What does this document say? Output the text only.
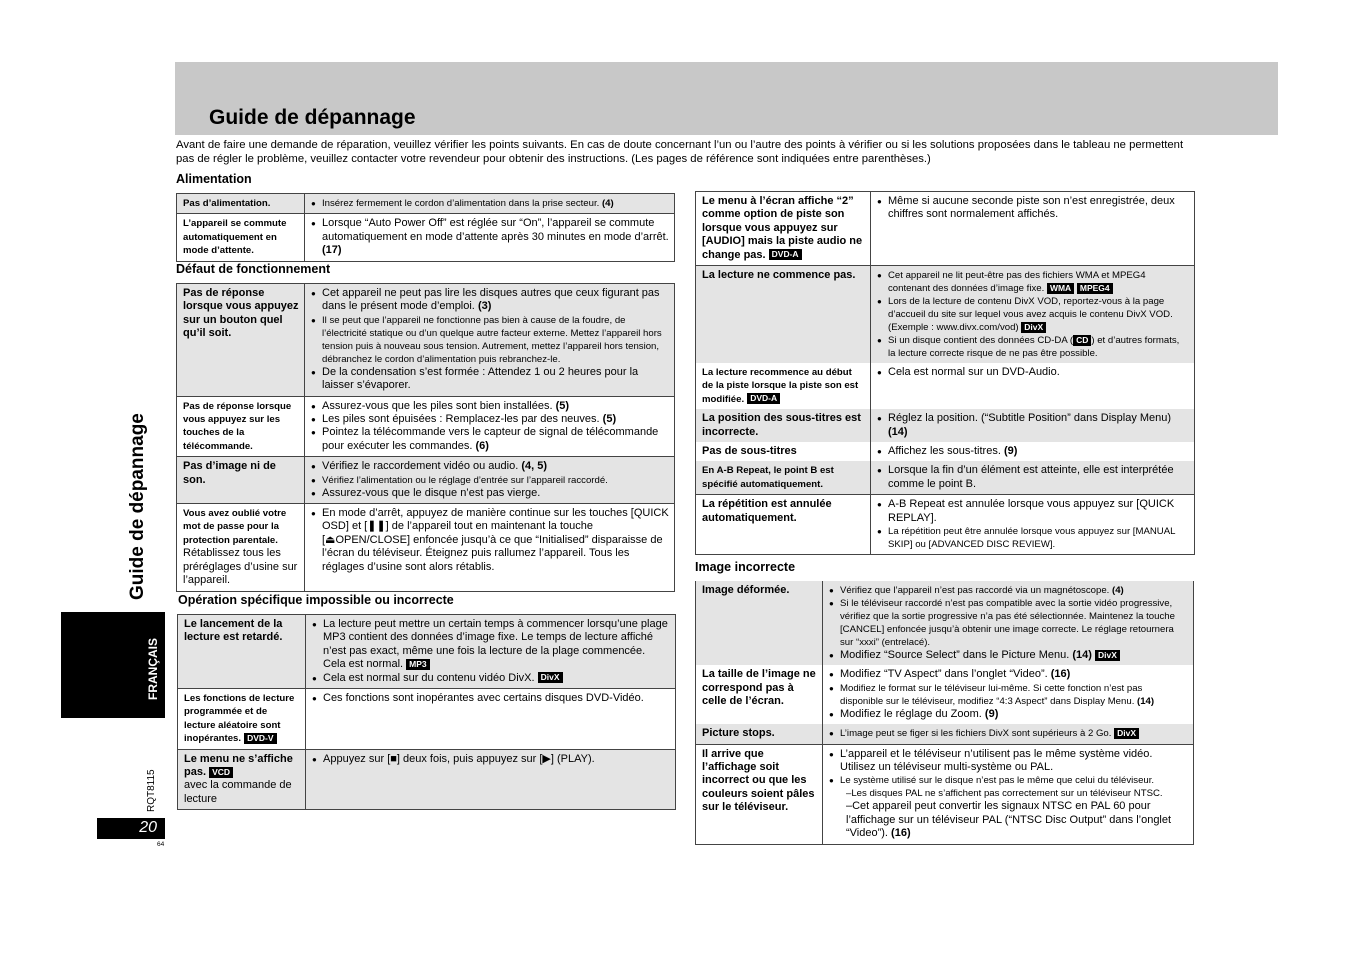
Guide de dépannage
Avant de faire une demande de réparation, veuillez vérifier les points suivants. En cas de doute concernant l’un ou l’autre des points à vérifier ou si les solutions proposées dans le tableau ne permettent pas de régler le problème, veuillez contacter votre revendeur pour obtenir des instructions. (Les pages de référence sont indiquées entre parenthèses.)
Alimentation
Pas d’alimentation.	● Insérez fermement le cordon d’alimentation dans la prise secteur. (4)

L’appareil se commute automatiquement en mode d’attente.	● Lorsque “Auto Power Off” est réglée sur “On”, l’appareil se commute automatiquement en mode d’attente après 30 minutes en mode d’arrêt. (17)

Défaut de fonctionnement
Pas de réponse lorsque vous appuyez sur un bouton quel qu’il soit.	● Cet appareil ne peut pas lire les disques autres que ceux figurant pas dans le présent mode d’emploi. (3)

● Il se peut que l’appareil ne fonctionne pas bien à cause de la foudre, de l’électricité statique ou d’un quelque autre facteur externe. Mettez l’appareil hors tension puis à nouveau sous tension. Autrement, mettez l’appareil hors tension, débranchez le cordon d’alimentation puis rebranchez-le.

● De la condensation s’est formée : Attendez 1 ou 2 heures pour la laisser s’évaporer.

Pas de réponse lorsque vous appuyez sur les touches de la télécommande.	● Assurez-vous que les piles sont bien installées. (5)

● Les piles sont épuisées : Remplacez-les par des neuves. (5)

● Pointez la télécommande vers le capteur de signal de télécommande pour exécuter les commandes. (6)

Pas d’image ni de son.	● Vérifiez le raccordement vidéo ou audio. (4, 5)

● Vérifiez l’alimentation ou le réglage d’entrée sur l’appareil raccordé.

● Assurez-vous que le disque n’est pas vierge.

Vous avez oublié votre mot de passe pour la protection parentale.
Rétablissez tous les préréglages d’usine sur l’appareil.	● En mode d’arrêt, appuyez de manière continue sur les touches [QUICK OSD] et [❚❚] de l’appareil tout en maintenant la touche [⏏OPEN/CLOSE] enfoncée jusqu’à ce que “Initialised” disparaisse de l’écran du téléviseur. Éteignez puis rallumez l’appareil. Tous les réglages d’usine sont alors rétablis.

Opération spécifique impossible ou incorrecte
Le lancement de la lecture est retardé.	● La lecture peut mettre un certain temps à commencer lorsqu’une plage MP3 contient des données d’image fixe. Le temps de lecture affiché n’est pas exact, même une fois la lecture de la plage commencée. Cela est normal. MP3

● Cela est normal sur du contenu vidéo DivX. DivX

Les fonctions de lecture programmée et de lecture aléatoire sont inopérantes. DVD-V	● Ces fonctions sont inopérantes avec certains disques DVD-Vidéo.

Le menu ne s’affiche pas. VCD
avec la commande de lecture	● Appuyez sur [■] deux fois, puis appuyez sur [▶] (PLAY).

Le menu à l’écran affiche “2” comme option de piste son lorsque vous appuyez sur [AUDIO] mais la piste audio ne change pas. DVD-A	● Même si aucune seconde piste son n’est enregistrée, deux chiffres sont normalement affichés.

La lecture ne commence pas.	● Cet appareil ne lit peut-être pas des fichiers WMA et MPEG4 contenant des données d’image fixe. WMA MPEG4

● Lors de la lecture de contenu DivX VOD, reportez-vous à la page d’accueil du site sur lequel vous avez acquis le contenu DivX VOD. (Exemple : www.divx.com/vod) DivX

● Si un disque contient des données CD-DA ( CD ) et d’autres formats, la lecture correcte risque de ne pas être possible.

La lecture recommence au début de la piste lorsque la piste son est modifiée. DVD-A	● Cela est normal sur un DVD-Audio.

La position des sous-titres est incorrecte.	● Réglez la position. (“Subtitle Position” dans Display Menu) (14)

Pas de sous-titres	● Affichez les sous-titres. (9)

En A-B Repeat, le point B est spécifié automatiquement.	● Lorsque la fin d’un élément est atteinte, elle est interprétée comme le point B.

La répétition est annulée automatiquement.	● A-B Repeat est annulée lorsque vous appuyez sur [QUICK REPLAY].

● La répétition peut être annulée lorsque vous appuyez sur [MANUAL SKIP] ou [ADVANCED DISC REVIEW].

Image incorrecte
Image déformée.	● Vérifiez que l’appareil n’est pas raccordé via un magnétoscope. (4)

● Si le téléviseur raccordé n’est pas compatible avec la sortie vidéo progressive, vérifiez que la sortie progressive n’a pas été sélectionnée. Maintenez la touche [CANCEL] enfoncée jusqu’à obtenir une image correcte. Le réglage retournera sur “xxxi” (entrelacé).

● Modifiez “Source Select” dans le Picture Menu. (14) DivX

La taille de l’image ne correspond pas à celle de l’écran.	● Modifiez “TV Aspect” dans l’onglet “Video”. (16)

● Modifiez le format sur le téléviseur lui-même. Si cette fonction n’est pas disponible sur le téléviseur, modifiez “4:3 Aspect” dans Display Menu. (14)

● Modifiez le réglage du Zoom. (9)

Picture stops.	● L’image peut se figer si les fichiers DivX sont supérieurs à 2 Go. DivX

Il arrive que l’affichage soit incorrect ou que les couleurs soient pâles sur le téléviseur.	● L’appareil et le téléviseur n’utilisent pas le même système vidéo. Utilisez un téléviseur multi-système ou PAL.

● Le système utilisé sur le disque n’est pas le même que celui du téléviseur.

–Les disques PAL ne s’affichent pas correctement sur un téléviseur NTSC.

–Cet appareil peut convertir les signaux NTSC en PAL 60 pour l’affichage sur un téléviseur PAL (“NTSC Disc Output” dans l’onglet “Video”). (16)

Guide de dépannage
FRANÇAIS
RQT8115
20
64
